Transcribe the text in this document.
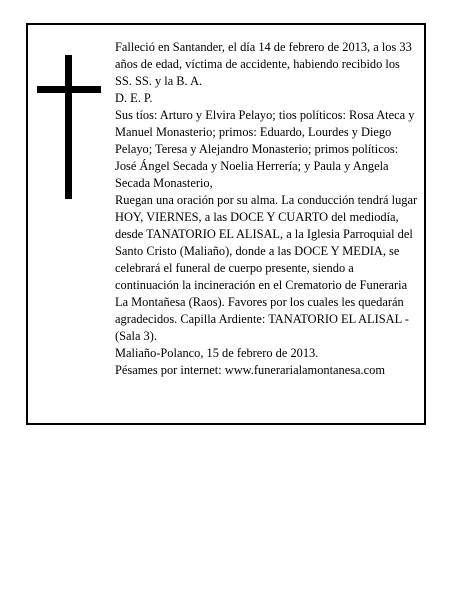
Falleció en Santander, el día 14 de febrero de 2013, a los 33 años de edad, víctima de accidente, habiendo recibido los SS. SS. y la B. A.

D. E. P.

Sus tíos: Arturo y Elvira Pelayo; tios políticos: Rosa Ateca y Manuel Monasterio; primos: Eduardo, Lourdes y Diego Pelayo; Teresa y Alejandro Monasterio; primos políticos: José Ángel Secada y Noelia Herrería; y Paula y Angela Secada Monasterio,

Ruegan una oración por su alma. La conducción tendrá lugar HOY, VIERNES, a las DOCE Y CUARTO del mediodía, desde TANATORIO EL ALISAL, a la Iglesia Parroquial del Santo Cristo (Maliaño), donde a las DOCE Y MEDIA, se celebrará el funeral de cuerpo presente, siendo a continuación la incineración en el Crematorio de Funeraria La Montañesa (Raos). Favores por los cuales les quedarán agradecidos. Capilla Ardiente: TANATORIO EL ALISAL - (Sala 3).

Maliaño-Polanco, 15 de febrero de 2013.

Pésames por internet: www.funerarialamontanesa.com
